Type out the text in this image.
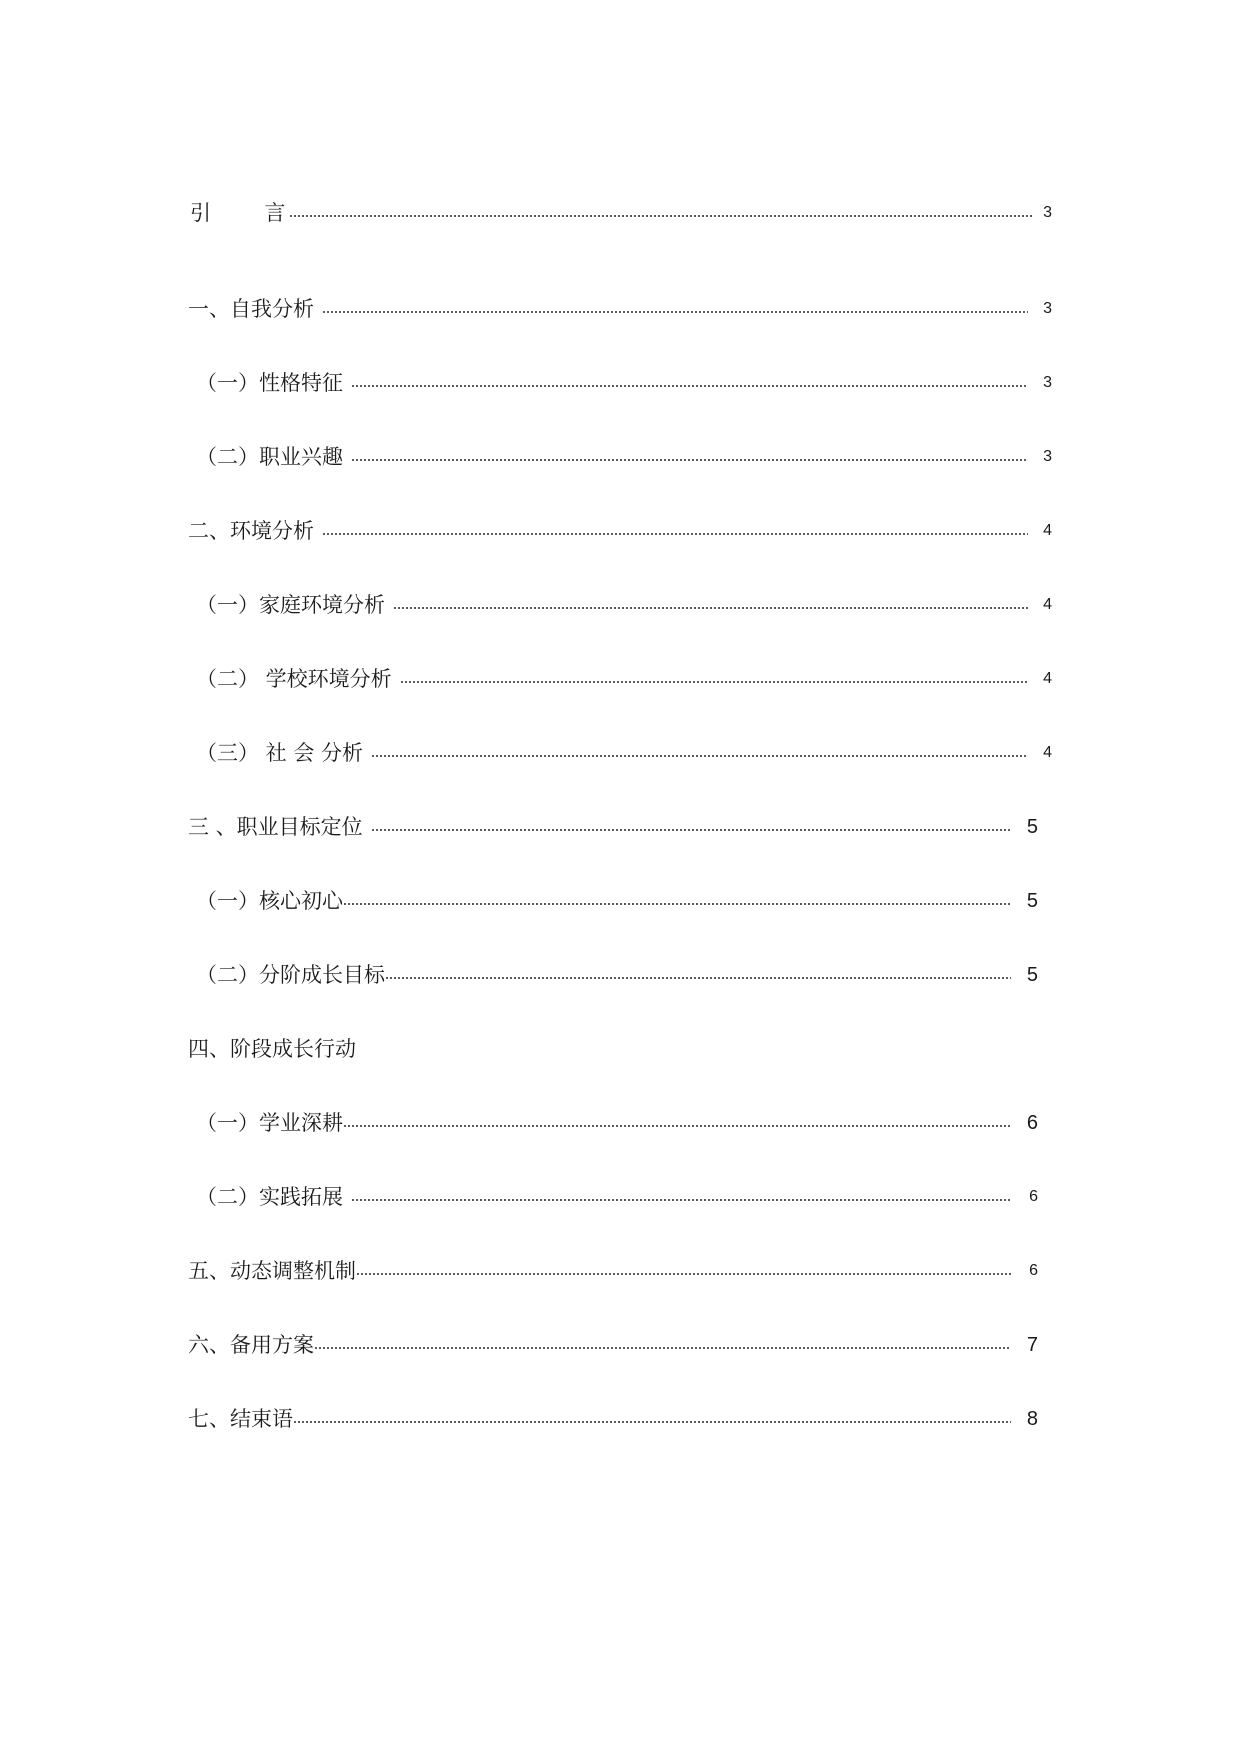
引        言	3
一、自我分析	3
（一）性格特征	3
（二）职业兴趣	3
二、环境分析	4
（一）家庭环境分析	4
（二） 学校环境分析	4
（三） 社 会 分析	4
三 、职业目标定位	5
（一）核心初心	5
（二）分阶成长目标	5
四、阶段成长行动
（一）学业深耕	6
（二）实践拓展	6
五、动态调整机制	6
六、备用方案	7
七、结束语	8
